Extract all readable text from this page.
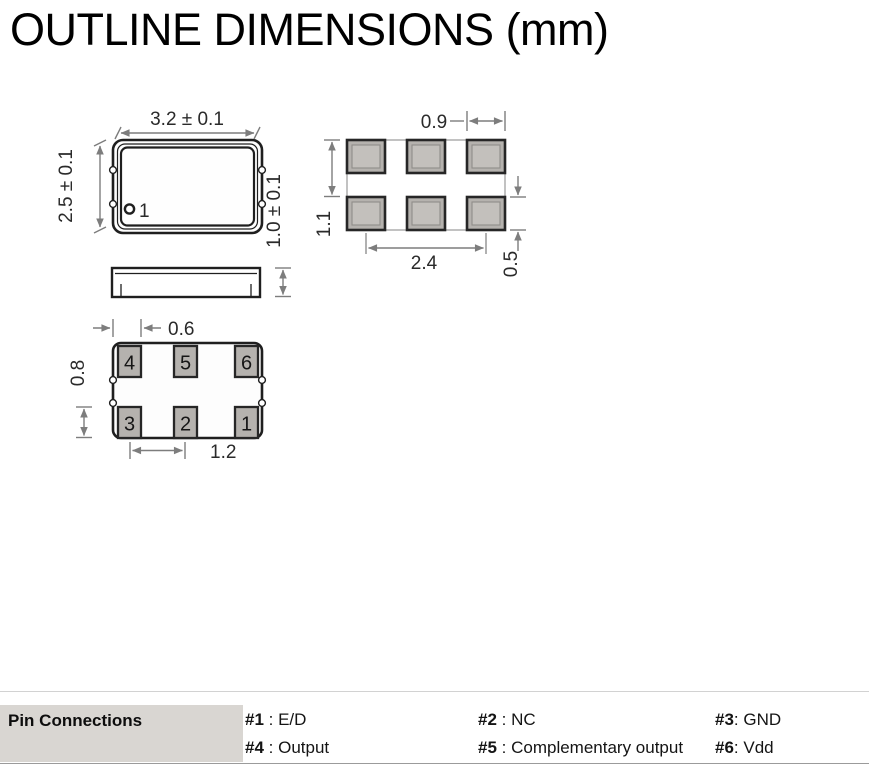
OUTLINE DIMENSIONS (mm)
1
3.2 ± 0.1
2.5 ± 0.1	1.0 ± 0.1
0.9
1.1
0.5
2.4
4 5 6
3 2 1
0.6
0.8
1.2
Pin Connections	#1 : E/D	#2 : NC	#3: GND
#4 : Output	#5 : Complementary output #6: Vdd
